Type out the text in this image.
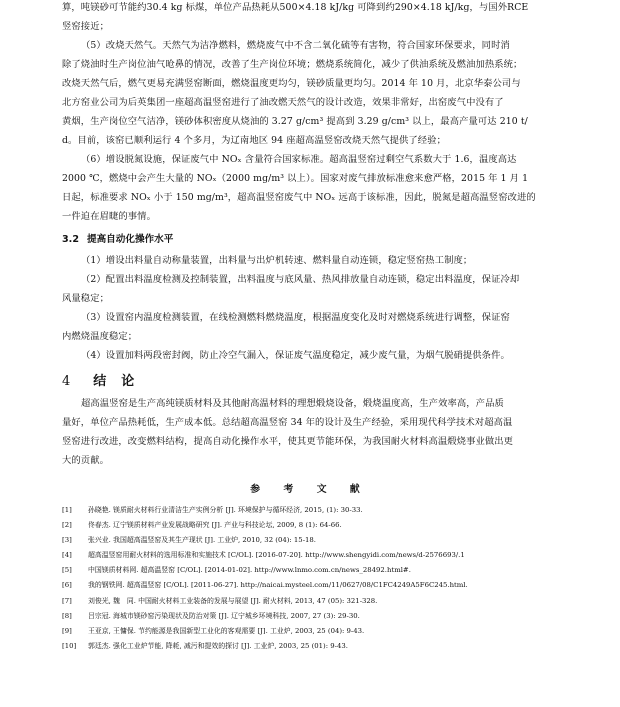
算，吨镁砂可节能约30.4 kg 标煤，单位产品热耗从500×4.18 kJ/kg 可降到约290×4.18 kJ/kg，与国外RCE
竖窑接近；
（5）改烧天然气。天然气为洁净燃料，燃烧废气中不含二氧化硫等有害物，符合国家环保要求，同时消
除了烧油时生产岗位油气呛鼻的情况，改善了生产岗位环境；燃烧系统简化，减少了供油系统及燃油加热系统；
改烧天然气后，燃气更易充满竖窑断面，燃烧温度更均匀，镁砂质量更均匀。2014 年 10 月，北京华泰公司与
北方窑业公司为后英集团一座超高温竖窑进行了油改燃天然气的设计改造，效果非常好，出窑废气中没有了
黄烟，生产岗位空气洁净，镁砂体积密度从烧油的 3.27 g/cm³ 提高到 3.29 g/cm³ 以上，最高产量可达 210 t/
d。目前，该窑已顺利运行 4 个多月，为辽南地区 94 座超高温竖窑改烧天然气提供了经验；
（6）增设脱氮设施，保证废气中 NOₓ 含量符合国家标准。超高温竖窑过剩空气系数大于 1.6，温度高达
2000 ℃，燃烧中会产生大量的 NOₓ（2000 mg/m³ 以上）。国家对废气排放标准愈来愈严格，2015 年 1 月 1
日起，标准要求 NOₓ 小于 150 mg/m³，超高温竖窑废气中 NOₓ 远高于该标准，因此，脱氮是超高温竖窑改进的
一件迫在眉睫的事情。
3.2 提高自动化操作水平
（1）增设出料量自动称量装置，出料量与出炉机转速、燃料量自动连锁，稳定竖窑热工制度；
（2）配置出料温度检测及控制装置，出料温度与底风量、热风排放量自动连锁，稳定出料温度，保证冷却
风量稳定；
（3）设置窑内温度检测装置，在线检测燃料燃烧温度，根据温度变化及时对燃烧系统进行调整，保证窑
内燃烧温度稳定；
（4）设置加料两段密封阀，防止冷空气漏入，保证废气温度稳定，减少废气量，为烟气脱硝提供条件。
4 结　论
超高温竖窑是生产高纯镁质材料及其他耐高温材料的理想煅烧设备，煅烧温度高，生产效率高，产品质
量好，单位产品热耗低，生产成本低。总结超高温竖窑 34 年的设计及生产经验，采用现代科学技术对超高温
竖窑进行改进，改变燃料结构，提高自动化操作水平，使其更节能环保，为我国耐火材料高温煅烧事业做出更
大的贡献。
参 考 文 献
[1]	孙晓艳. 镁质耐火材料行业清洁生产实例分析 [J]. 环境保护与循环经济, 2015, (1): 30-33.
[2]	佟春杰. 辽宁镁质材料产业发展战略研究 [J]. 产业与科技论坛, 2009, 8 (1): 64-66.
[3]	张兴业. 我国超高温竖窑及其生产现状 [J]. 工业炉, 2010, 32 (04): 15-18.
[4]	超高温竖窑用耐火材料的选用标准和实施技术 [C/OL]. [2016-07-20]. http://www.shengyidi.com/news/d-2576693/.1
[5]	中国镁质材料网. 超高温竖窑 [C/OL]. [2014-01-02]. http://www.lnmo.com.cn/news_28492.html#.
[6]	我的钢铁网. 超高温竖窑 [C/OL]. [2011-06-27]. http://naicai.mysteel.com/11/0627/08/C1FC4249A5F6C245.html.
[7]	刘俊光, 魏　同. 中国耐火材料工业装备的发展与展望 [J]. 耐火材料, 2013, 47 (05): 321-328.
[8]	吕宗冠. 海城市镁砂窑污染现状及防治对策 [J]. 辽宁城乡环境科技, 2007, 27 (3): 29-30.
[9]	王亚京, 王慵保. 节约能源是我国新型工业化的客观需要 [J]. 工业炉, 2003, 25 (04): 9-43.
[10]	郭廷杰. 强化工业炉节能, 降耗, 减污和提效的探讨 [J]. 工业炉, 2003, 25 (01): 9-43.
